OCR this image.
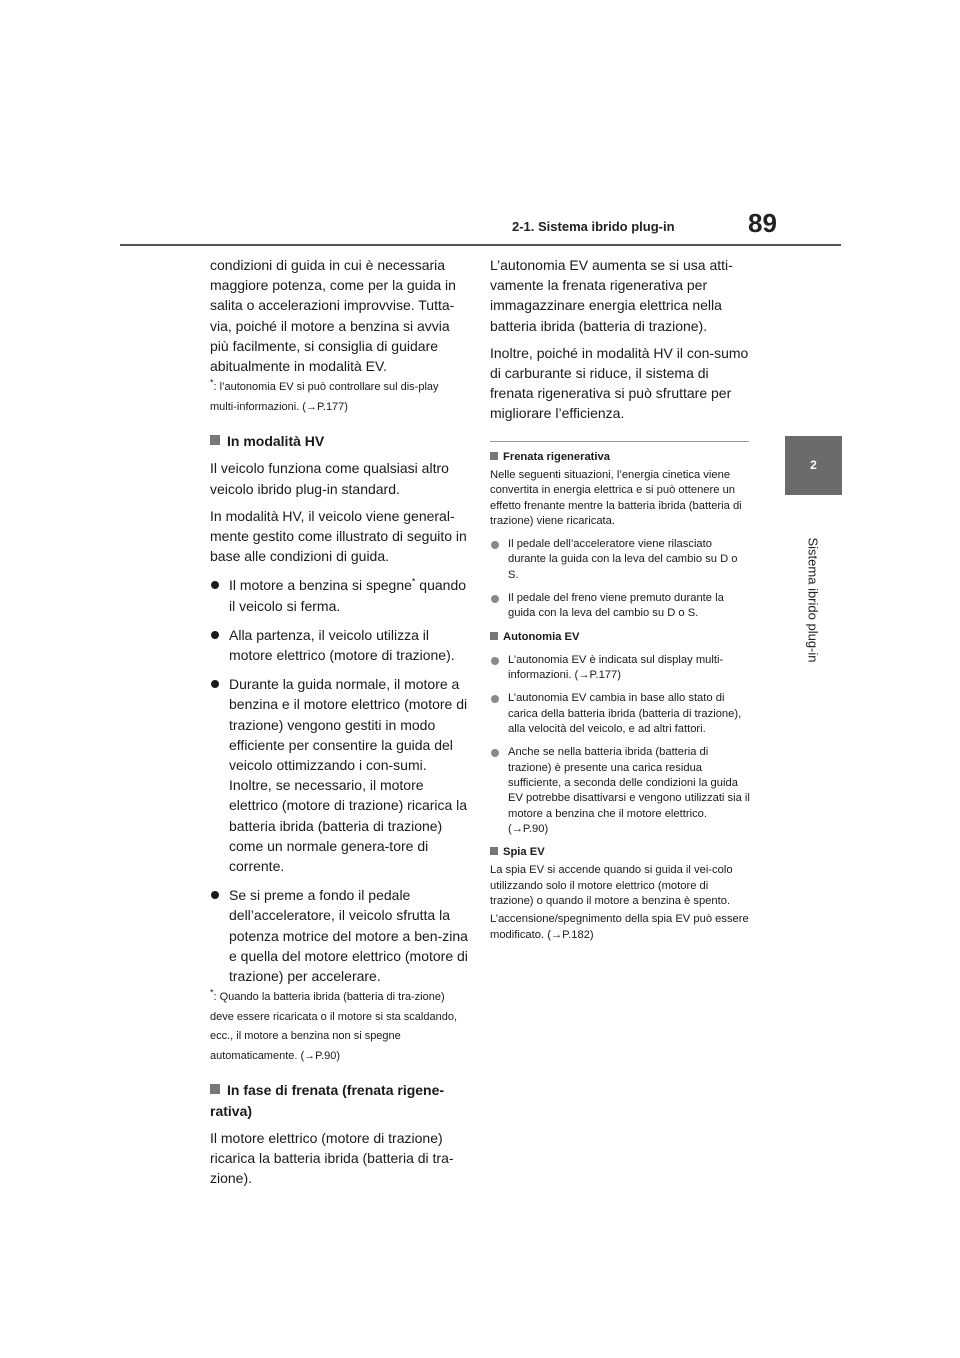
2-1. Sistema ibrido plug-in	89
2
Sistema ibrido plug-in

condizioni di guida in cui è necessaria maggiore potenza, come per la guida in salita o accelerazioni improvvise. Tutta-via, poiché il motore a benzina si avvia più facilmente, si consiglia di guidare abitualmente in modalità EV.

*: l’autonomia EV si può controllare sul dis-play multi-informazioni. (→P.177)
In modalità HV

Il veicolo funziona come qualsiasi altro veicolo ibrido plug-in standard.

In modalità HV, il veicolo viene general-mente gestito come illustrato di seguito in base alle condizioni di guida.

Il motore a benzina si spegne* quando il veicolo si ferma.
Alla partenza, il veicolo utilizza il motore elettrico (motore di trazione).
Durante la guida normale, il motore a benzina e il motore elettrico (motore di trazione) vengono gestiti in modo efficiente per consentire la guida del veicolo ottimizzando i con-sumi. Inoltre, se necessario, il motore elettrico (motore di trazione) ricarica la batteria ibrida (batteria di trazione) come un normale genera-tore di corrente.
Se si preme a fondo il pedale dell’acceleratore, il veicolo sfrutta la potenza motrice del motore a ben-zina e quella del motore elettrico (motore di trazione) per accelerare.
*: Quando la batteria ibrida (batteria di tra-zione) deve essere ricaricata o il motore si sta scaldando, ecc., il motore a benzina non si spegne automaticamente. (→P.90)
In fase di frenata (frenata rigene-rativa)

Il motore elettrico (motore di trazione) ricarica la batteria ibrida (batteria di tra-zione).

L’autonomia EV aumenta se si usa atti-vamente la frenata rigenerativa per immagazzinare energia elettrica nella batteria ibrida (batteria di trazione).

Inoltre, poiché in modalità HV il con-sumo di carburante si riduce, il sistema di frenata rigenerativa si può sfruttare per migliorare l’efficienza.

Frenata rigenerativa

Nelle seguenti situazioni, l’energia cinetica viene convertita in energia elettrica e si può ottenere un effetto frenante mentre la batteria ibrida (batteria di trazione) viene ricaricata.

Il pedale dell’acceleratore viene rilasciato durante la guida con la leva del cambio su D o S.
Il pedale del freno viene premuto durante la guida con la leva del cambio su D o S.
Autonomia EV
L’autonomia EV è indicata sul display multi-informazioni. (→P.177)
L’autonomia EV cambia in base allo stato di carica della batteria ibrida (batteria di trazione), alla velocità del veicolo, e ad altri fattori.
Anche se nella batteria ibrida (batteria di trazione) è presente una carica residua sufficiente, a seconda delle condizioni la guida EV potrebbe disattivarsi e vengono utilizzati sia il motore a benzina che il motore elettrico. (→P.90)
Spia EV

La spia EV si accende quando si guida il vei-colo utilizzando solo il motore elettrico (motore di trazione) o quando il motore a benzina è spento.

L’accensione/spegnimento della spia EV può essere modificato. (→P.182)
